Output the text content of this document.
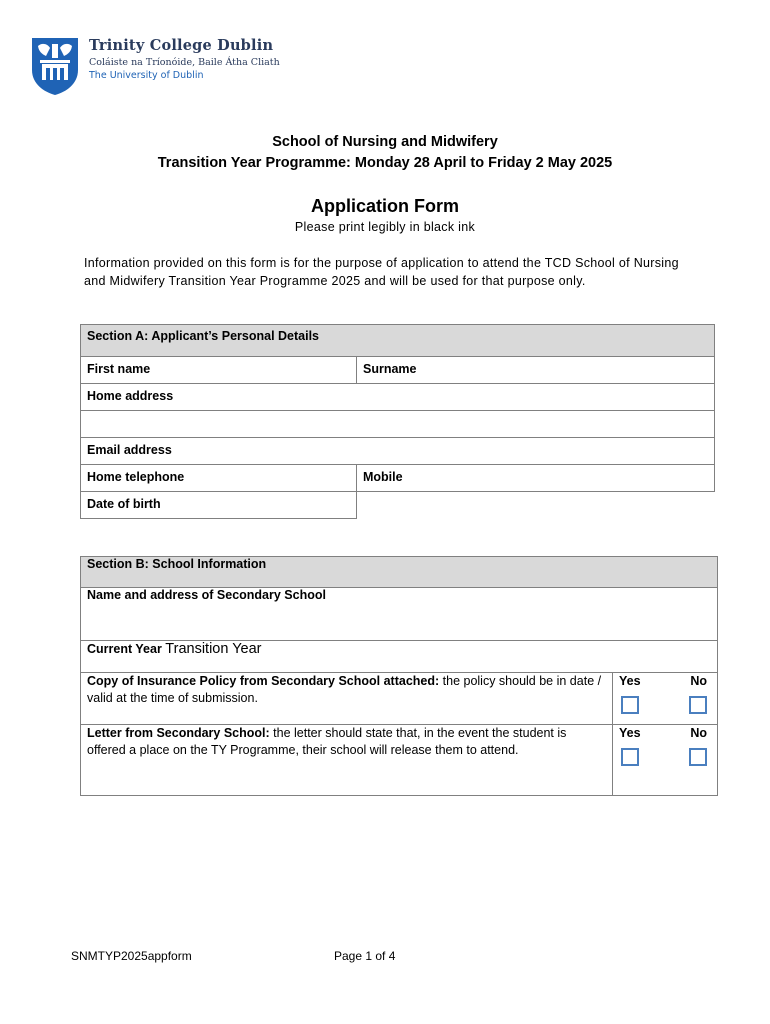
Trinity College Dublin
Coláiste na Tríonóide, Baile Átha Cliath
The University of Dublin
School of Nursing and Midwifery
Transition Year Programme: Monday 28 April to Friday 2 May 2025
Application Form
Please print legibly in black ink
Information provided on this form is for the purpose of application to attend the TCD School of Nursing and Midwifery Transition Year Programme 2025 and will be used for that purpose only.
Section A: Applicant’s Personal Details	
First name	Surname
Home address	

Email address	
Home telephone	Mobile
Date of birth	
Section B: School Information	
Name and address of Secondary School	
Current Year Transition Year	
Copy of Insurance Policy from Secondary School attached: the policy should be in date / valid at the time of submission.	Yes No

Letter from Secondary School: the letter should state that, in the event the student is offered a place on the TY Programme, their school will release them to attend.	Yes No
SNMTYP2025appform	Page 1 of 4
